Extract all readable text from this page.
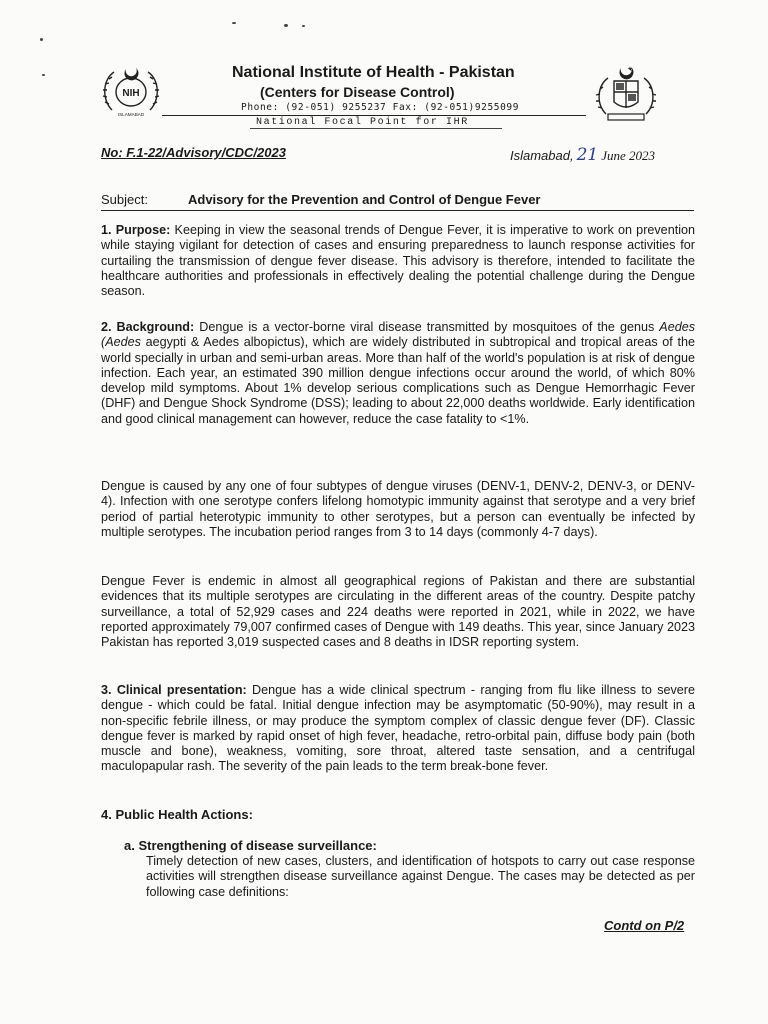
NIH
ISLAMABAD
National Institute of Health - Pakistan
(Centers for Disease Control)
Phone: (92-051) 9255237 Fax: (92-051)9255099
National Focal Point for IHR
No: F.1-22/Advisory/CDC/2023	Islamabad, 21 June 2023
Subject:	Advisory for the Prevention and Control of Dengue Fever
1. Purpose: Keeping in view the seasonal trends of Dengue Fever, it is imperative to work on prevention while staying vigilant for detection of cases and ensuring preparedness to launch response activities for curtailing the transmission of dengue fever disease. This advisory is therefore, intended to facilitate the healthcare authorities and professionals in effectively dealing the potential challenge during the Dengue season.
2. Background: Dengue is a vector-borne viral disease transmitted by mosquitoes of the genus Aedes (Aedes aegypti & Aedes albopictus), which are widely distributed in subtropical and tropical areas of the world specially in urban and semi-urban areas. More than half of the world's population is at risk of dengue infection. Each year, an estimated 390 million dengue infections occur around the world, of which 80% develop mild symptoms. About 1% develop serious complications such as Dengue Hemorrhagic Fever (DHF) and Dengue Shock Syndrome (DSS); leading to about 22,000 deaths worldwide. Early identification and good clinical management can however, reduce the case fatality to <1%.
Dengue is caused by any one of four subtypes of dengue viruses (DENV-1, DENV-2, DENV-3, or DENV-4). Infection with one serotype confers lifelong homotypic immunity against that serotype and a very brief period of partial heterotypic immunity to other serotypes, but a person can eventually be infected by multiple serotypes. The incubation period ranges from 3 to 14 days (commonly 4-7 days).
Dengue Fever is endemic in almost all geographical regions of Pakistan and there are substantial evidences that its multiple serotypes are circulating in the different areas of the country. Despite patchy surveillance, a total of 52,929 cases and 224 deaths were reported in 2021, while in 2022, we have reported approximately 79,007 confirmed cases of Dengue with 149 deaths. This year, since January 2023 Pakistan has reported 3,019 suspected cases and 8 deaths in IDSR reporting system.
3. Clinical presentation: Dengue has a wide clinical spectrum - ranging from flu like illness to severe dengue - which could be fatal. Initial dengue infection may be asymptomatic (50-90%), may result in a non-specific febrile illness, or may produce the symptom complex of classic dengue fever (DF). Classic dengue fever is marked by rapid onset of high fever, headache, retro-orbital pain, diffuse body pain (both muscle and bone), weakness, vomiting, sore throat, altered taste sensation, and a centrifugal maculopapular rash. The severity of the pain leads to the term break-bone fever.
4. Public Health Actions:
a. Strengthening of disease surveillance:
Timely detection of new cases, clusters, and identification of hotspots to carry out case response activities will strengthen disease surveillance against Dengue. The cases may be detected as per following case definitions:
Contd on P/2
